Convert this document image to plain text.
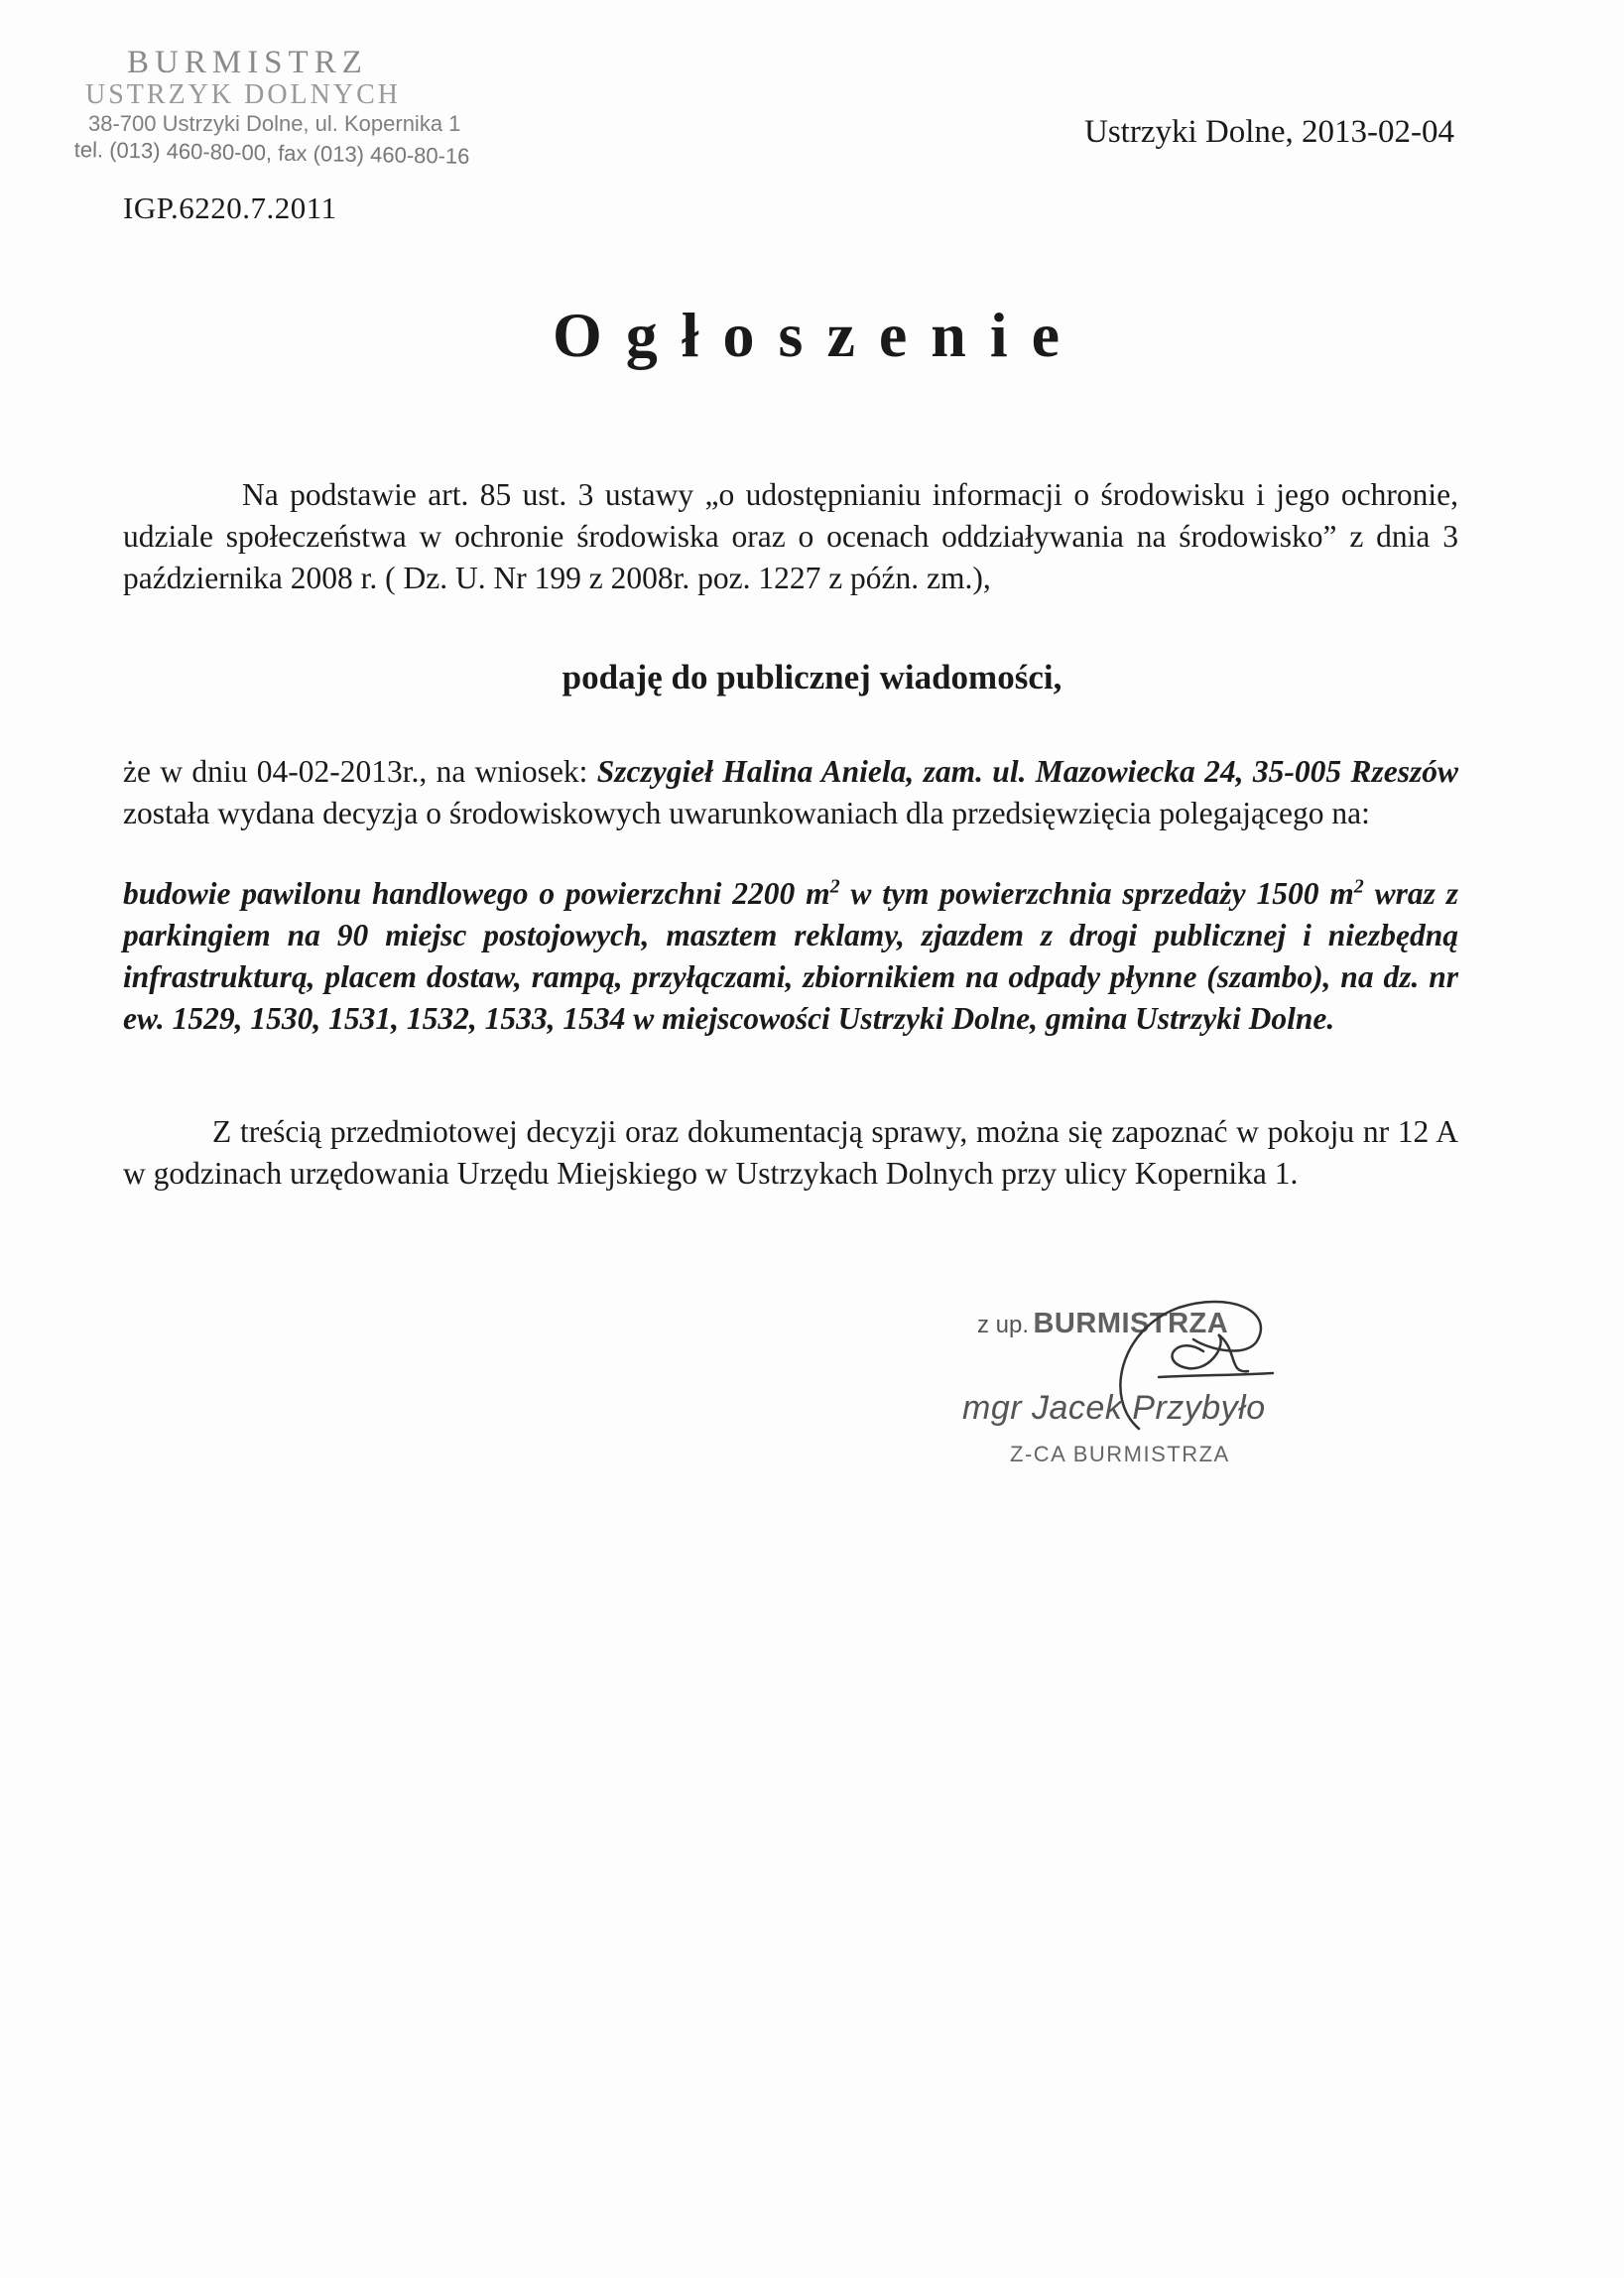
BURMISTRZ
USTRZYK DOLNYCH
38-700 Ustrzyki Dolne, ul. Kopernika 1
tel. (013) 460-80-00, fax (013) 460-80-16
Ustrzyki Dolne, 2013-02-04
IGP.6220.7.2011
Ogłoszenie
Na podstawie art. 85 ust. 3 ustawy „o udostępnianiu informacji o środowisku i jego ochronie, udziale społeczeństwa w ochronie środowiska oraz o ocenach oddziaływania na środowisko” z dnia 3 października 2008 r. ( Dz. U. Nr 199 z 2008r. poz. 1227 z późn. zm.),
podaję do publicznej wiadomości,
że w dniu 04-02-2013r., na wniosek: Szczygieł Halina Aniela, zam. ul. Mazowiecka 24, 35-005 Rzeszów została wydana decyzja o środowiskowych uwarunkowaniach dla przedsięwzięcia polegającego na:
budowie pawilonu handlowego o powierzchni 2200 $m^2$ w tym powierzchnia sprzedaży 1500 $m^2$ wraz z parkingiem na 90 miejsc postojowych, masztem reklamy, zjazdem z drogi publicznej i niezbędną infrastrukturą, placem dostaw, rampą, przyłączami, zbiornikiem na odpady płynne (szambo), na dz. nr ew. 1529, 1530, 1531, 1532, 1533, 1534 w miejscowości Ustrzyki Dolne, gmina Ustrzyki Dolne.
Z treścią przedmiotowej decyzji oraz dokumentacją sprawy, można się zapoznać w pokoju nr 12 A w godzinach urzędowania Urzędu Miejskiego w Ustrzykach Dolnych przy ulicy Kopernika 1.
z up. BURMISTRZA
mgr Jacek Przybyło
Z-CA BURMISTRZA
